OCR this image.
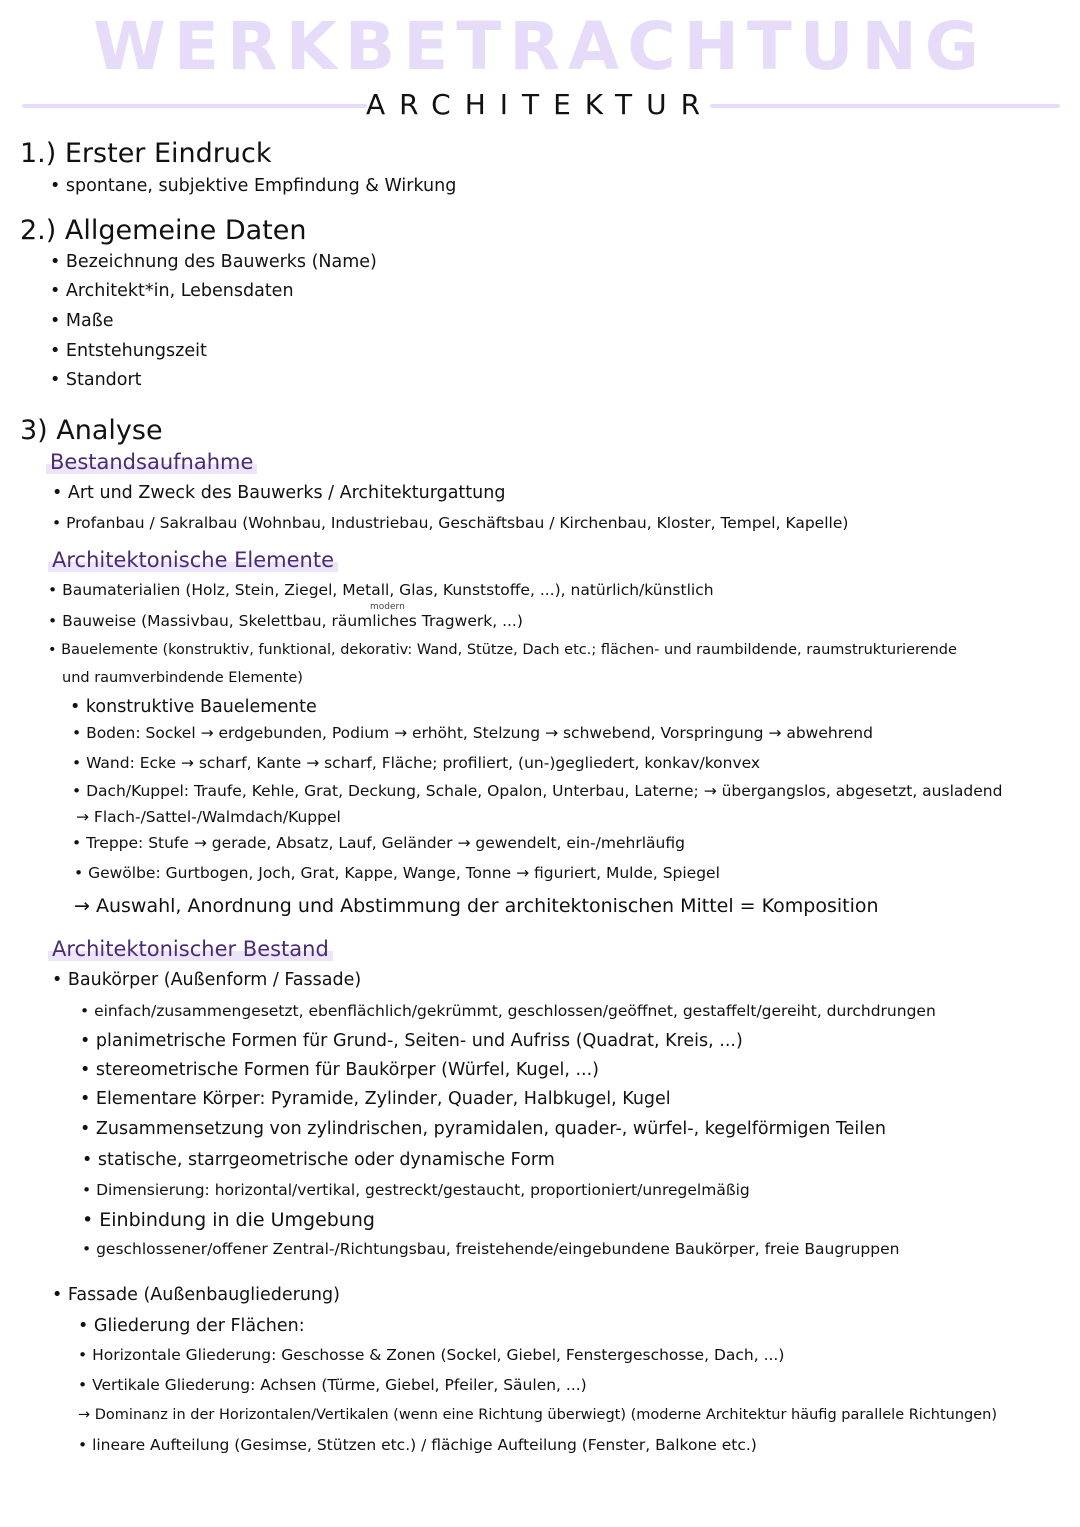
WERKBETRACHTUNG
ARCHITEKTUR
1.) Erster Eindruck
• spontane, subjektive Empfindung & Wirkung
2.) Allgemeine Daten
• Bezeichnung des Bauwerks (Name)
• Architekt*in, Lebensdaten
• Maße
• Entstehungszeit
• Standort
3) Analyse
Bestandsaufnahme
• Art und Zweck des Bauwerks / Architekturgattung
• Profanbau / Sakralbau (Wohnbau, Industriebau, Geschäftsbau / Kirchenbau, Kloster, Tempel, Kapelle)
Architektonische Elemente
• Baumaterialien (Holz, Stein, Ziegel, Metall, Glas, Kunststoffe, ...), natürlich/künstlich
modern
• Bauweise (Massivbau, Skelettbau, räumliches Tragwerk, ...)
• Bauelemente (konstruktiv, funktional, dekorativ: Wand, Stütze, Dach etc.; flächen- und raumbildende, raumstrukturierende
und raumverbindende Elemente)
• konstruktive Bauelemente
• Boden: Sockel → erdgebunden, Podium → erhöht, Stelzung → schwebend, Vorspringung → abwehrend
• Wand: Ecke → scharf, Kante → scharf, Fläche; profiliert, (un-)gegliedert, konkav/konvex
• Dach/Kuppel: Traufe, Kehle, Grat, Deckung, Schale, Opalon, Unterbau, Laterne; → übergangslos, abgesetzt, ausladend
→ Flach-/Sattel-/Walmdach/Kuppel
• Treppe: Stufe → gerade, Absatz, Lauf, Geländer → gewendelt, ein-/mehrläufig
• Gewölbe: Gurtbogen, Joch, Grat, Kappe, Wange, Tonne → figuriert, Mulde, Spiegel
→ Auswahl, Anordnung und Abstimmung der architektonischen Mittel = Komposition
Architektonischer Bestand
• Baukörper (Außenform / Fassade)
• einfach/zusammengesetzt, ebenflächlich/gekrümmt, geschlossen/geöffnet, gestaffelt/gereiht, durchdrungen
• planimetrische Formen für Grund-, Seiten- und Aufriss (Quadrat, Kreis, ...)
• stereometrische Formen für Baukörper (Würfel, Kugel, ...)
• Elementare Körper: Pyramide, Zylinder, Quader, Halbkugel, Kugel
• Zusammensetzung von zylindrischen, pyramidalen, quader-, würfel-, kegelförmigen Teilen
• statische, starrgeometrische oder dynamische Form
• Dimensierung: horizontal/vertikal, gestreckt/gestaucht, proportioniert/unregelmäßig
• Einbindung in die Umgebung
• geschlossener/offener Zentral-/Richtungsbau, freistehende/eingebundene Baukörper, freie Baugruppen
• Fassade (Außenbaugliederung)
• Gliederung der Flächen:
• Horizontale Gliederung: Geschosse & Zonen (Sockel, Giebel, Fenstergeschosse, Dach, ...)
• Vertikale Gliederung: Achsen (Türme, Giebel, Pfeiler, Säulen, ...)
→ Dominanz in der Horizontalen/Vertikalen (wenn eine Richtung überwiegt) (moderne Architektur häufig parallele Richtungen)
• lineare Aufteilung (Gesimse, Stützen etc.) / flächige Aufteilung (Fenster, Balkone etc.)
